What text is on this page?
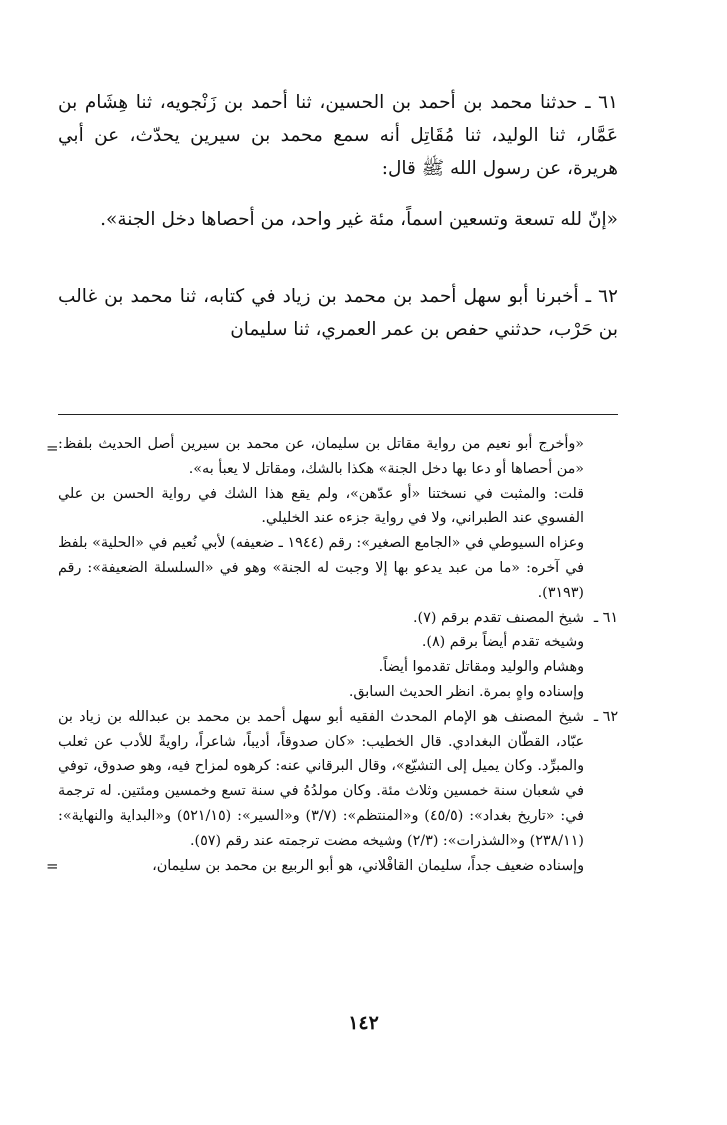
٦١ ـ حدثنا محمد بن أحمد بن الحسين، ثنا أحمد بن زَنْجويه، ثنا هِشَام بن عَمَّار، ثنا الوليد، ثنا مُقَاتِل أنه سمع محمد بن سيرين يحدّث، عن أبي هريرة، عن رسول الله ﷺ قال:

«إنّ لله تسعة وتسعين اسماً، مئة غير واحد، من أحصاها دخل الجنة».

٦٢ ـ أخبرنا أبو سهل أحمد بن محمد بن زياد في كتابه، ثنا محمد بن غالب بن حَرْب، حدثني حفص بن عمر العمري، ثنا سليمان

= «وأخرج أبو نعيم من رواية مقاتل بن سليمان، عن محمد بن سيرين أصل الحديث بلفظ: «من أحصاها أو دعا بها دخل الجنة» هكذا بالشك، ومقاتل لا يعبأ به».

قلت: والمثبت في نسختنا «أو عدّهن»، ولم يقع هذا الشك في رواية الحسن بن علي الفسوي عند الطبراني، ولا في رواية جزءه عند الخليلي.

وعزاه السيوطي في «الجامع الصغير»: رقم (١٩٤٤ ـ ضعيفه) لأبي نُعيم في «الحلية» بلفظ في آخره: «ما من عبد يدعو بها إلا وجبت له الجنة» وهو في «السلسلة الضعيفة»: رقم (٣١٩٣).

٦١ ـ

شيخ المصنف تقدم برقم (٧).

وشيخه تقدم أيضاً برقم (٨).

وهشام والوليد ومقاتل تقدموا أيضاً.

وإسناده واهٍ بمرة. انظر الحديث السابق.

٦٢ ـ

شيخ المصنف هو الإمام المحدث الفقيه أبو سهل أحمد بن محمد بن عبدالله بن زياد بن عبّاد، القطّان البغدادي. قال الخطيب: «كان صدوقاً، أديباً، شاعراً، راويةً للأدب عن ثعلب والمبرِّد. وكان يميل إلى التشيّع»، وقال البرقاني عنه: كرهوه لمزاح فيه، وهو صدوق، توفي في شعبان سنة خمسين وثلاث مئة. وكان مولدُهُ في سنة تسع وخمسين ومئتين. له ترجمة في: «تاريخ بغداد»: (٤٥/٥) و«المنتظم»: (٣/٧) و«السير»: (٥٢١/١٥) و«البداية والنهاية»: (٢٣٨/١١) و«الشذرات»: (٢/٣) وشيخه مضت ترجمته عند رقم (٥٧).

وإسناده ضعيف جداً، سليمان القافْلاني، هو أبو الربيع بن محمد بن سليمان،

=
١٤٢
